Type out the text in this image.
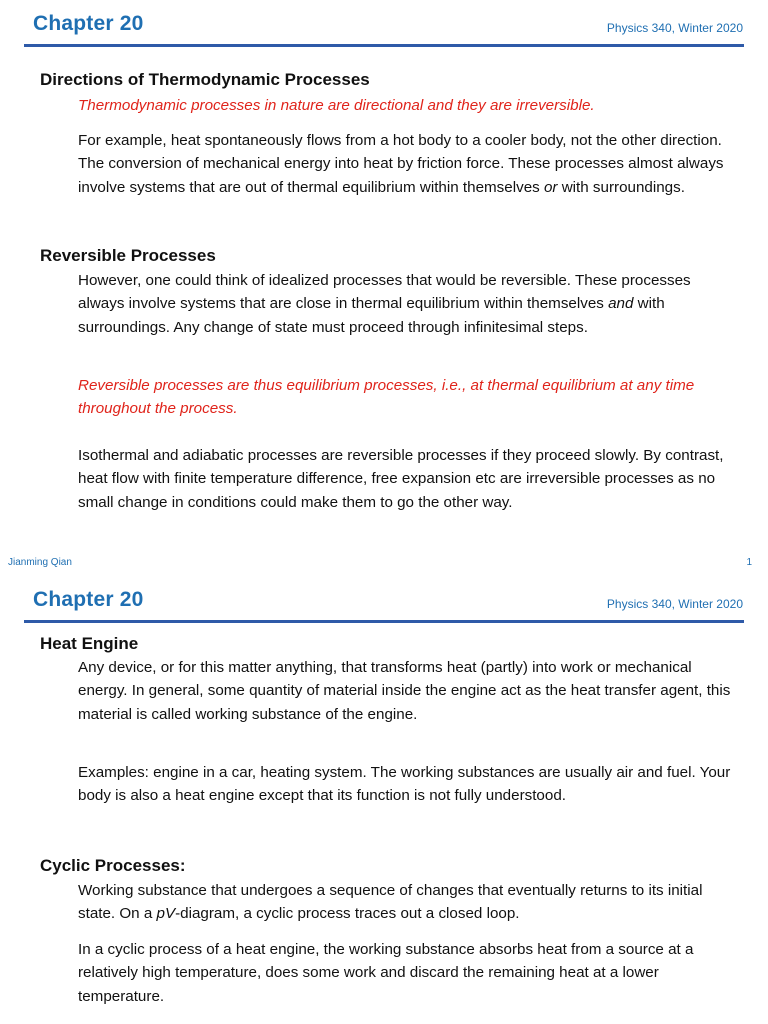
Chapter 20	Physics 340, Winter 2020
Directions of Thermodynamic Processes

Thermodynamic processes in nature are directional and they are irreversible.

For example, heat spontaneously flows from a hot body to a cooler body, not the other direction. The conversion of mechanical energy into heat by friction force. These processes almost always involve systems that are out of thermal equilibrium within themselves or with surroundings.

Reversible Processes

However, one could think of idealized processes that would be reversible. These processes always involve systems that are close in thermal equilibrium within themselves and with surroundings. Any change of state must proceed through infinitesimal steps.

Reversible processes are thus equilibrium processes, i.e., at thermal equilibrium at any time throughout the process.

Isothermal and adiabatic processes are reversible processes if they proceed slowly. By contrast, heat flow with finite temperature difference, free expansion etc are irreversible processes as no small change in conditions could make them to go the other way.

Jianming Qian	1
Chapter 20	Physics 340, Winter 2020
Heat Engine

Any device, or for this matter anything, that transforms heat (partly) into work or mechanical energy. In general, some quantity of material inside the engine act as the heat transfer agent, this material is called working substance of the engine.

Examples: engine in a car, heating system. The working substances are usually air and fuel. Your body is also a heat engine except that its function is not fully understood.

Cyclic Processes:

Working substance that undergoes a sequence of changes that eventually returns to its initial state. On a pV-diagram, a cyclic process traces out a closed loop.

In a cyclic process of a heat engine, the working substance absorbs heat from a source at a relatively high temperature, does some work and discard the remaining heat at a lower temperature.
